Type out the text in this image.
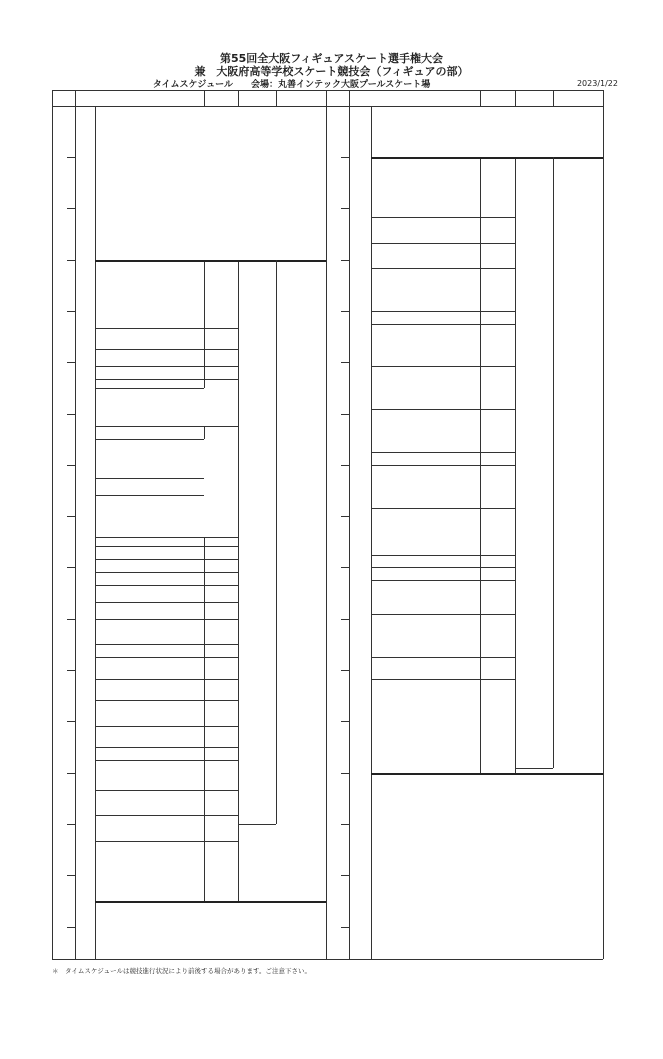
第55回全大阪フィギュアスケート選手権大会
兼　大阪府高等学校スケート競技会（フィギュアの部）
タイムスケジュール　　会場：丸善インテック大阪プールスケート場	2023/1/22
＊　タイムスケジュールは競技進行状況により前後する場合があります。ご注意下さい。
